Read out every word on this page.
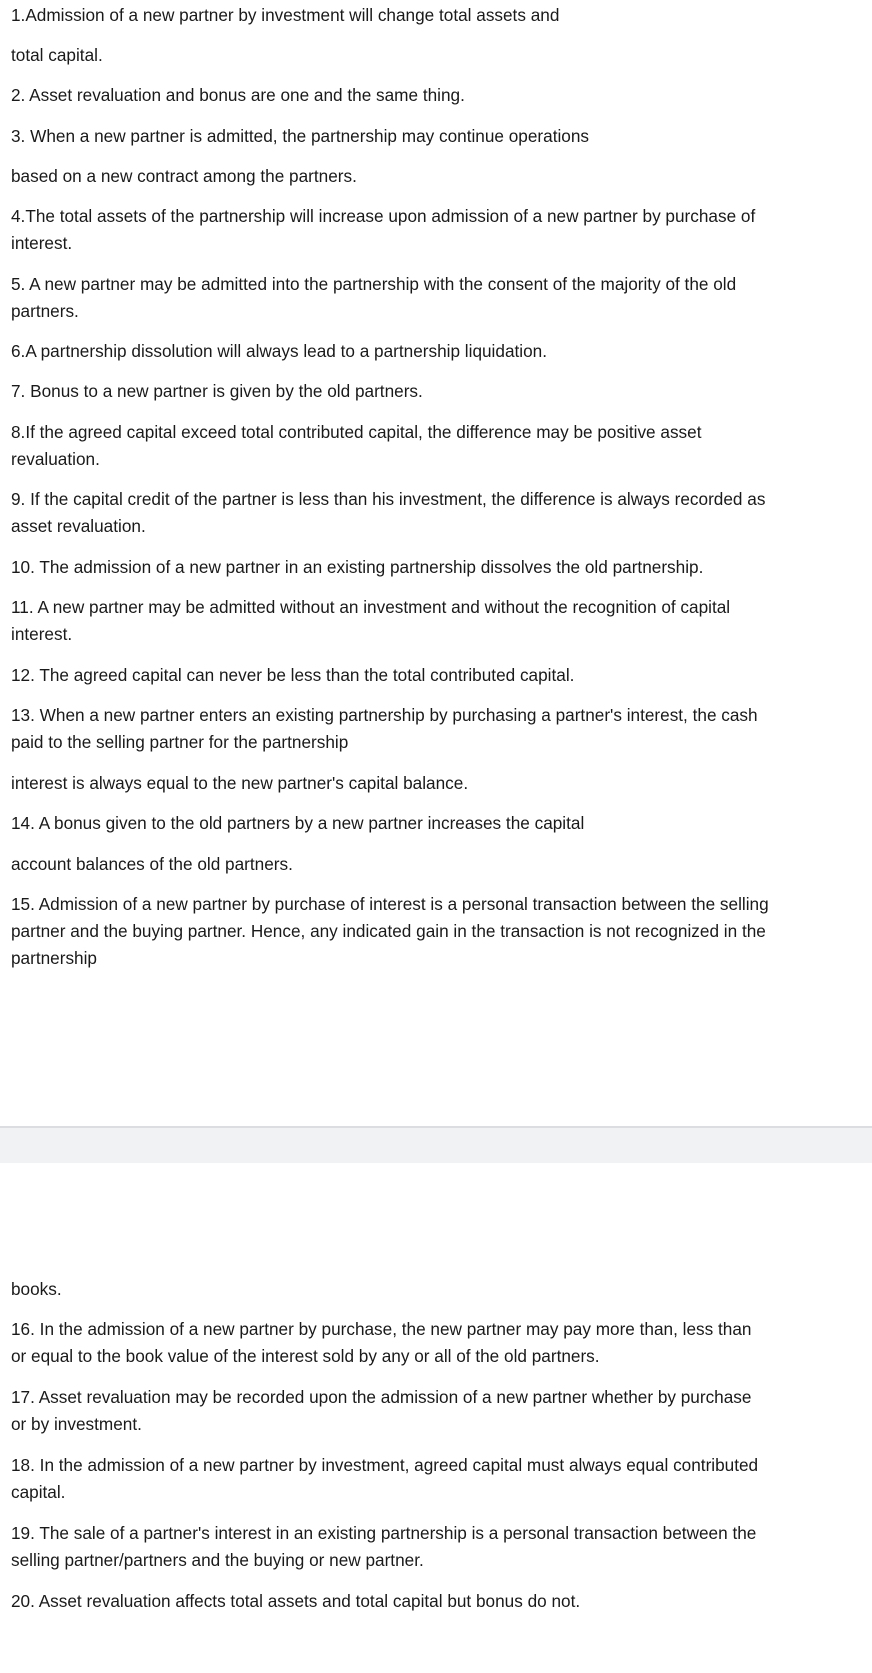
1.Admission of a new partner by investment will change total assets and

total capital.

2. Asset revaluation and bonus are one and the same thing.

3. When a new partner is admitted, the partnership may continue operations

based on a new contract among the partners.

4.The total assets of the partnership will increase upon admission of a new partner by purchase of interest.

5. A new partner may be admitted into the partnership with the consent of the majority of the old partners.

6.A partnership dissolution will always lead to a partnership liquidation.

7. Bonus to a new partner is given by the old partners.

8.If the agreed capital exceed total contributed capital, the difference may be positive asset revaluation.

9. If the capital credit of the partner is less than his investment, the difference is always recorded as asset revaluation.

10. The admission of a new partner in an existing partnership dissolves the old partnership.

11. A new partner may be admitted without an investment and without the recognition of capital interest.

12. The agreed capital can never be less than the total contributed capital.

13. When a new partner enters an existing partnership by purchasing a partner's interest, the cash paid to the selling partner for the partnership

interest is always equal to the new partner's capital balance.

14. A bonus given to the old partners by a new partner increases the capital

account balances of the old partners.

15. Admission of a new partner by purchase of interest is a personal transaction between the selling partner and the buying partner. Hence, any indicated gain in the transaction is not recognized in the partnership

books.

16. In the admission of a new partner by purchase, the new partner may pay more than, less than or equal to the book value of the interest sold by any or all of the old partners.

17. Asset revaluation may be recorded upon the admission of a new partner whether by purchase or by investment.

18. In the admission of a new partner by investment, agreed capital must always equal contributed capital.

19. The sale of a partner's interest in an existing partnership is a personal transaction between the selling partner/partners and the buying or new partner.

20. Asset revaluation affects total assets and total capital but bonus do not.
